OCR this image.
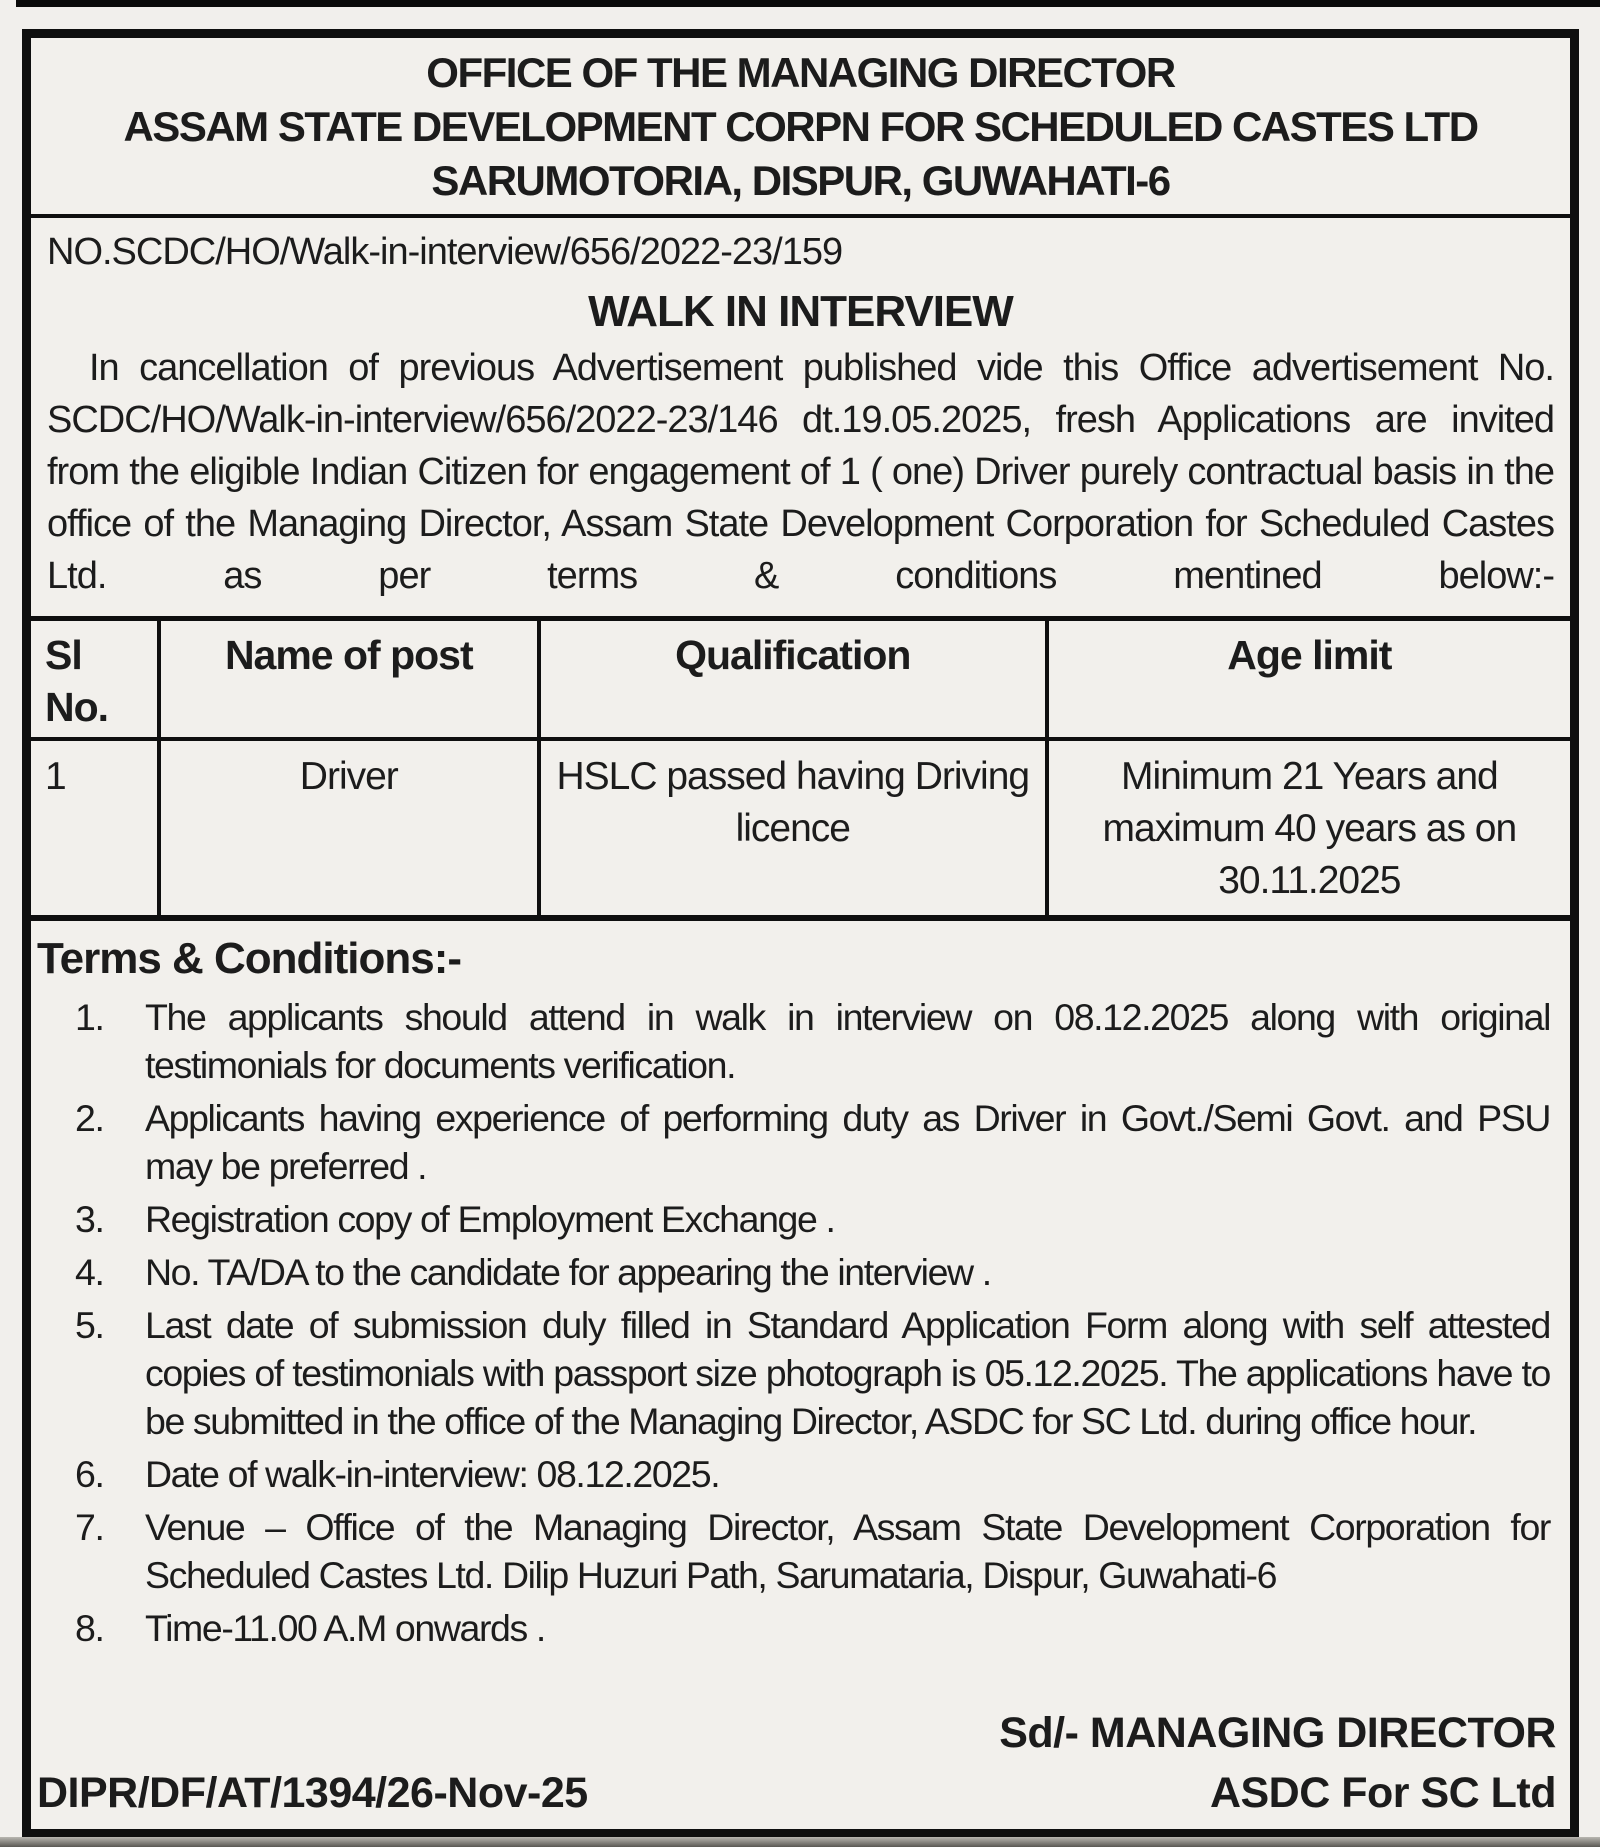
OFFICE OF THE MANAGING DIRECTOR
ASSAM STATE DEVELOPMENT CORPN FOR SCHEDULED CASTES LTD
SARUMOTORIA, DISPUR, GUWAHATI-6
NO.SCDC/HO/Walk-in-interview/656/2022-23/159
WALK IN INTERVIEW

In cancellation of previous Advertisement published vide this Office advertisement No. SCDC/HO/Walk-in-interview/656/2022-23/146 dt.19.05.2025, fresh Applications are invited from the eligible Indian Citizen for engagement of 1 ( one) Driver purely contractual basis in the office of the Managing Director, Assam State Development Corporation for Scheduled Castes Ltd. as per terms & conditions mentined below:-

Sl No.	Name of post	Qualification	Age limit
1	Driver	HSLC passed having Driving licence	Minimum 21 Years and maximum 40 years as on 30.11.2025
Terms & Conditions:-
1.	The applicants should attend in walk in interview on 08.12.2025 along with original testimonials for documents verification.
2.	Applicants having experience of performing duty as Driver in Govt./Semi Govt. and PSU may be preferred .
3.	Registration copy of Employment Exchange .
4.	No. TA/DA to the candidate for appearing the interview .
5.	Last date of submission duly filled in Standard Application Form along with self attested copies of testimonials with passport size photograph is 05.12.2025. The applications have to be submitted in the office of the Managing Director, ASDC for SC Ltd. during office hour.
6.	Date of walk-in-interview: 08.12.2025.
7.	Venue – Office of the Managing Director, Assam State Development Corporation for Scheduled Castes Ltd. Dilip Huzuri Path, Sarumataria, Dispur, Guwahati-6
8.	Time-11.00 A.M onwards .
Sd/- MANAGING DIRECTOR
DIPR/DF/AT/1394/26-Nov-25	ASDC For SC Ltd
